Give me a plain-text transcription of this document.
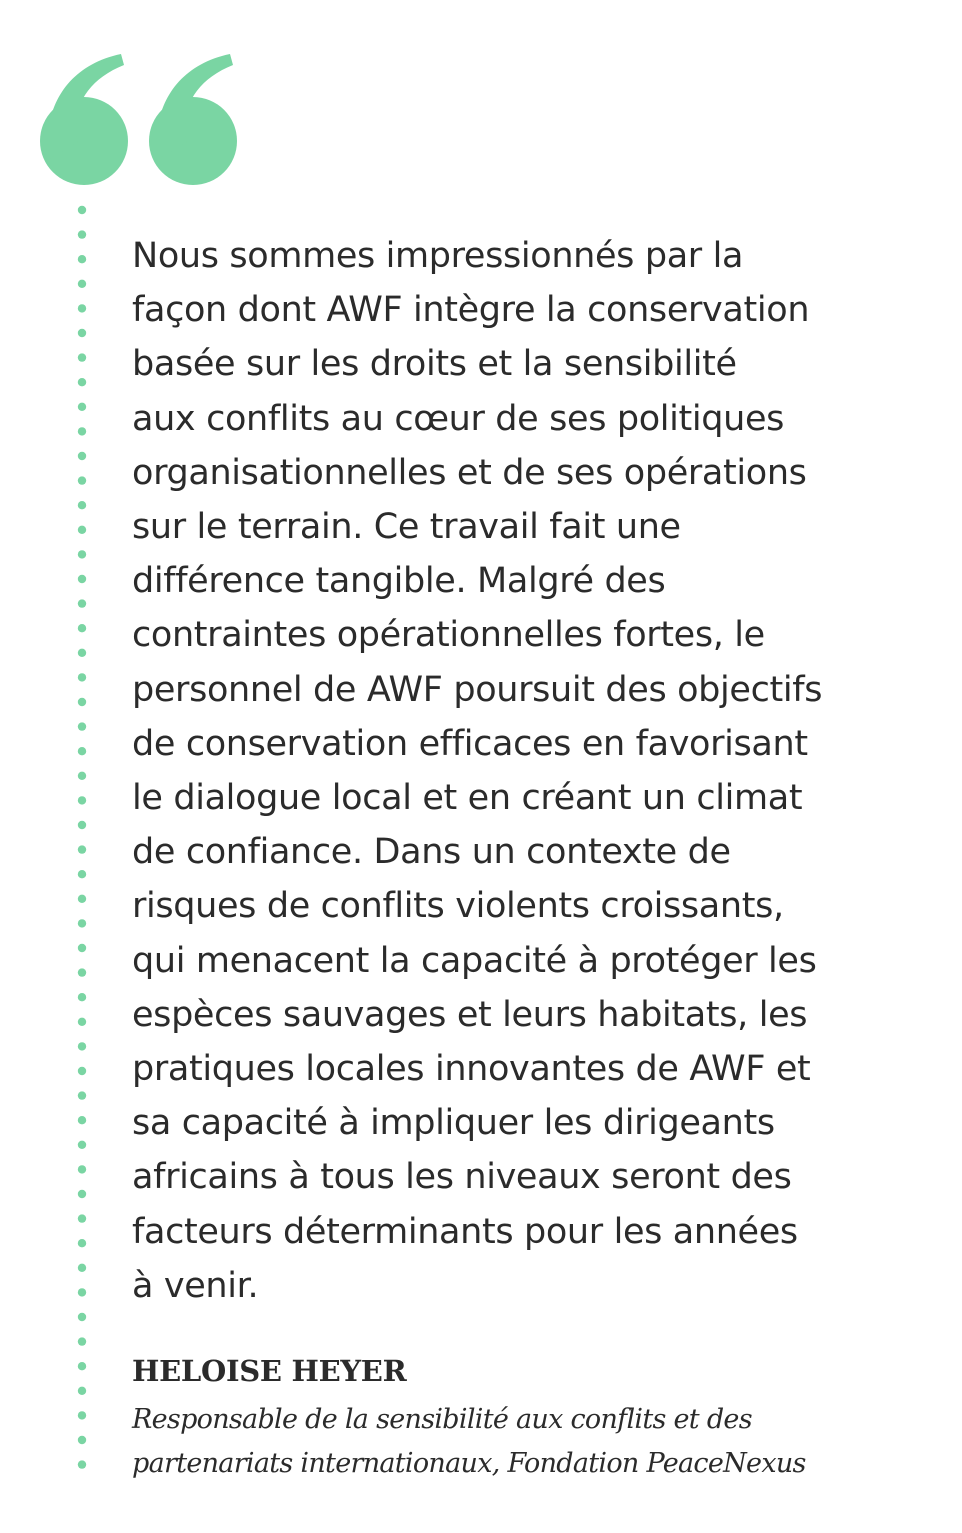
Nous sommes impressionnés par la
façon dont AWF intègre la conservation
basée sur les droits et la sensibilité
aux conflits au cœur de ses politiques
organisationnelles et de ses opérations
sur le terrain. Ce travail fait une
différence tangible. Malgré des
contraintes opérationnelles fortes, le
personnel de AWF poursuit des objectifs
de conservation efficaces en favorisant
le dialogue local et en créant un climat
de confiance. Dans un contexte de
risques de conflits violents croissants,
qui menacent la capacité à protéger les
espèces sauvages et leurs habitats, les
pratiques locales innovantes de AWF et
sa capacité à impliquer les dirigeants
africains à tous les niveaux seront des
facteurs déterminants pour les années
à venir.

HELOISE HEYER

Responsable de la sensibilité aux conflits et des
partenariats internationaux, Fondation PeaceNexus
